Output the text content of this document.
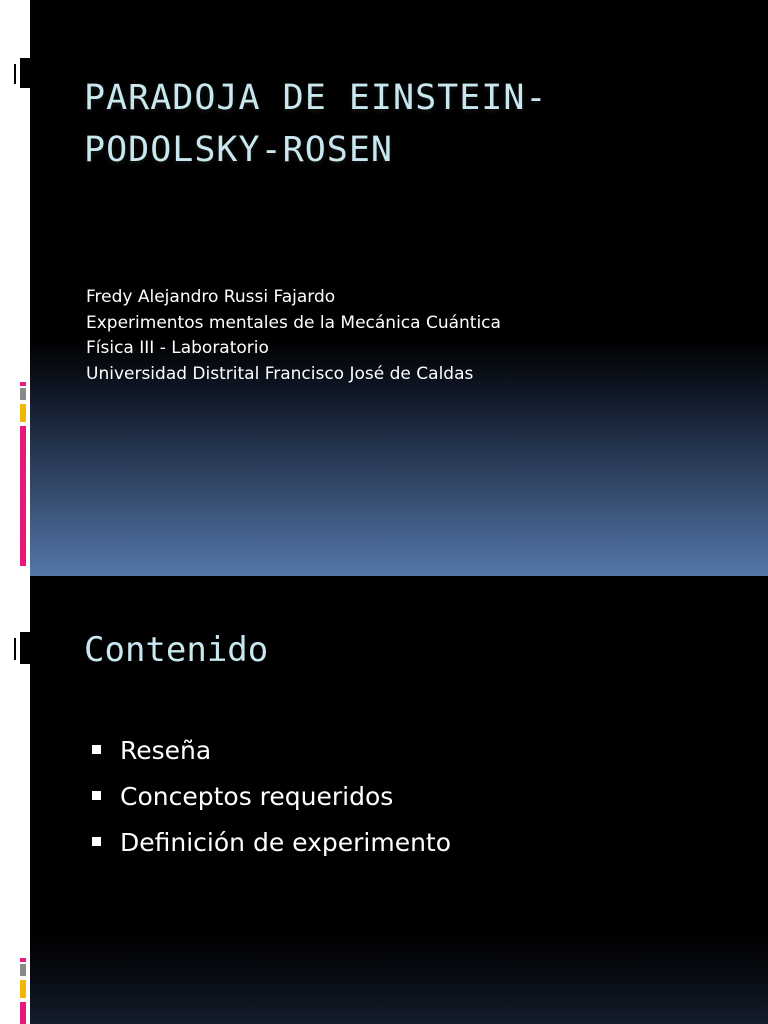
PARADOJA DE EINSTEIN-
PODOLSKY-ROSEN
Fredy Alejandro Russi Fajardo
Experimentos mentales de la Mecánica Cuántica
Física III - Laboratorio
Universidad Distrital Francisco José de Caldas
Contenido
Reseña
Conceptos requeridos
Definición de experimento
